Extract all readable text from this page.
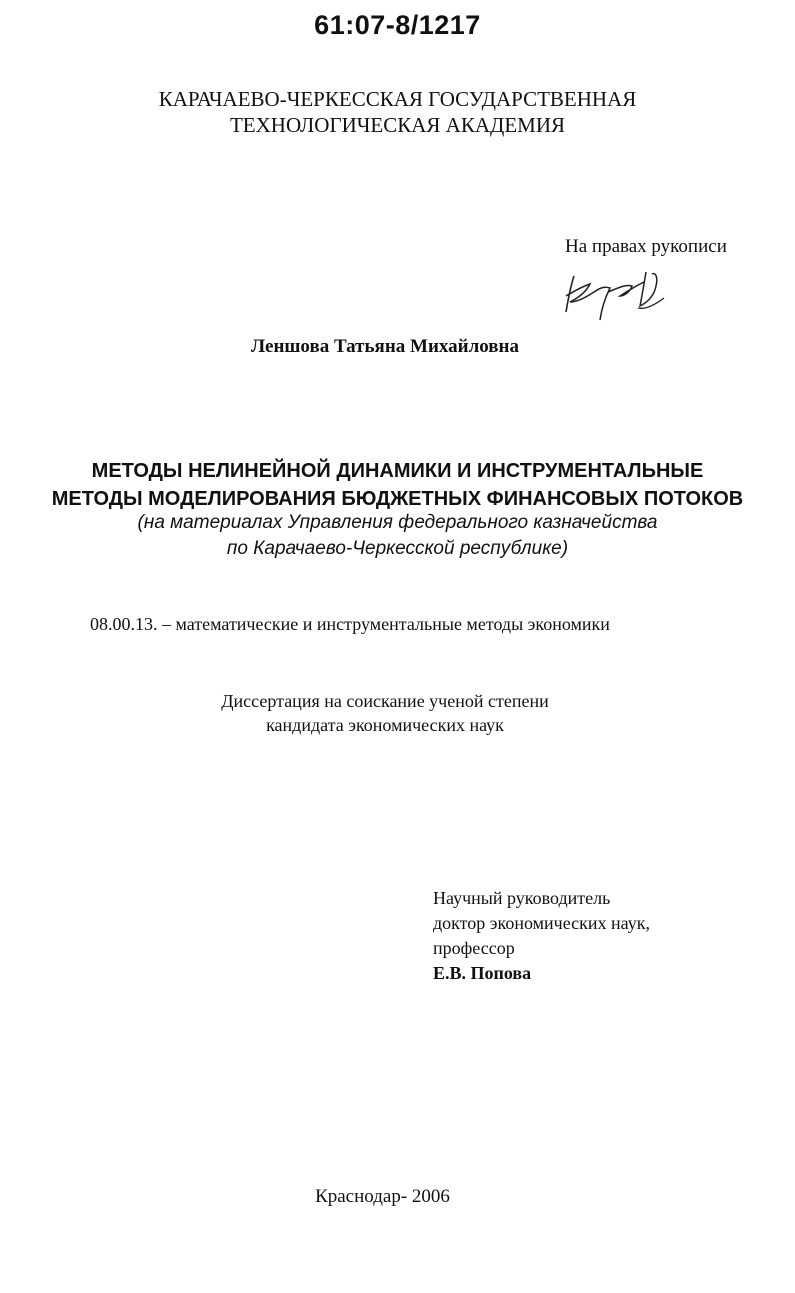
61:07-8/1217
КАРАЧАЕВО-ЧЕРКЕССКАЯ ГОСУДАРСТВЕННАЯ
ТЕХНОЛОГИЧЕСКАЯ АКАДЕМИЯ
На правах рукописи
Леншова Татьяна Михайловна
МЕТОДЫ НЕЛИНЕЙНОЙ ДИНАМИКИ И ИНСТРУМЕНТАЛЬНЫЕ
МЕТОДЫ МОДЕЛИРОВАНИЯ БЮДЖЕТНЫХ ФИНАНСОВЫХ ПОТОКОВ
(на материалах Управления федерального казначейства
по Карачаево-Черкесской республике)
08.00.13. – математические и инструментальные методы экономики
Диссертация на соискание ученой степени
кандидата экономических наук
Научный руководитель
доктор экономических наук,
профессор
Е.В. Попова
Краснодар- 2006
